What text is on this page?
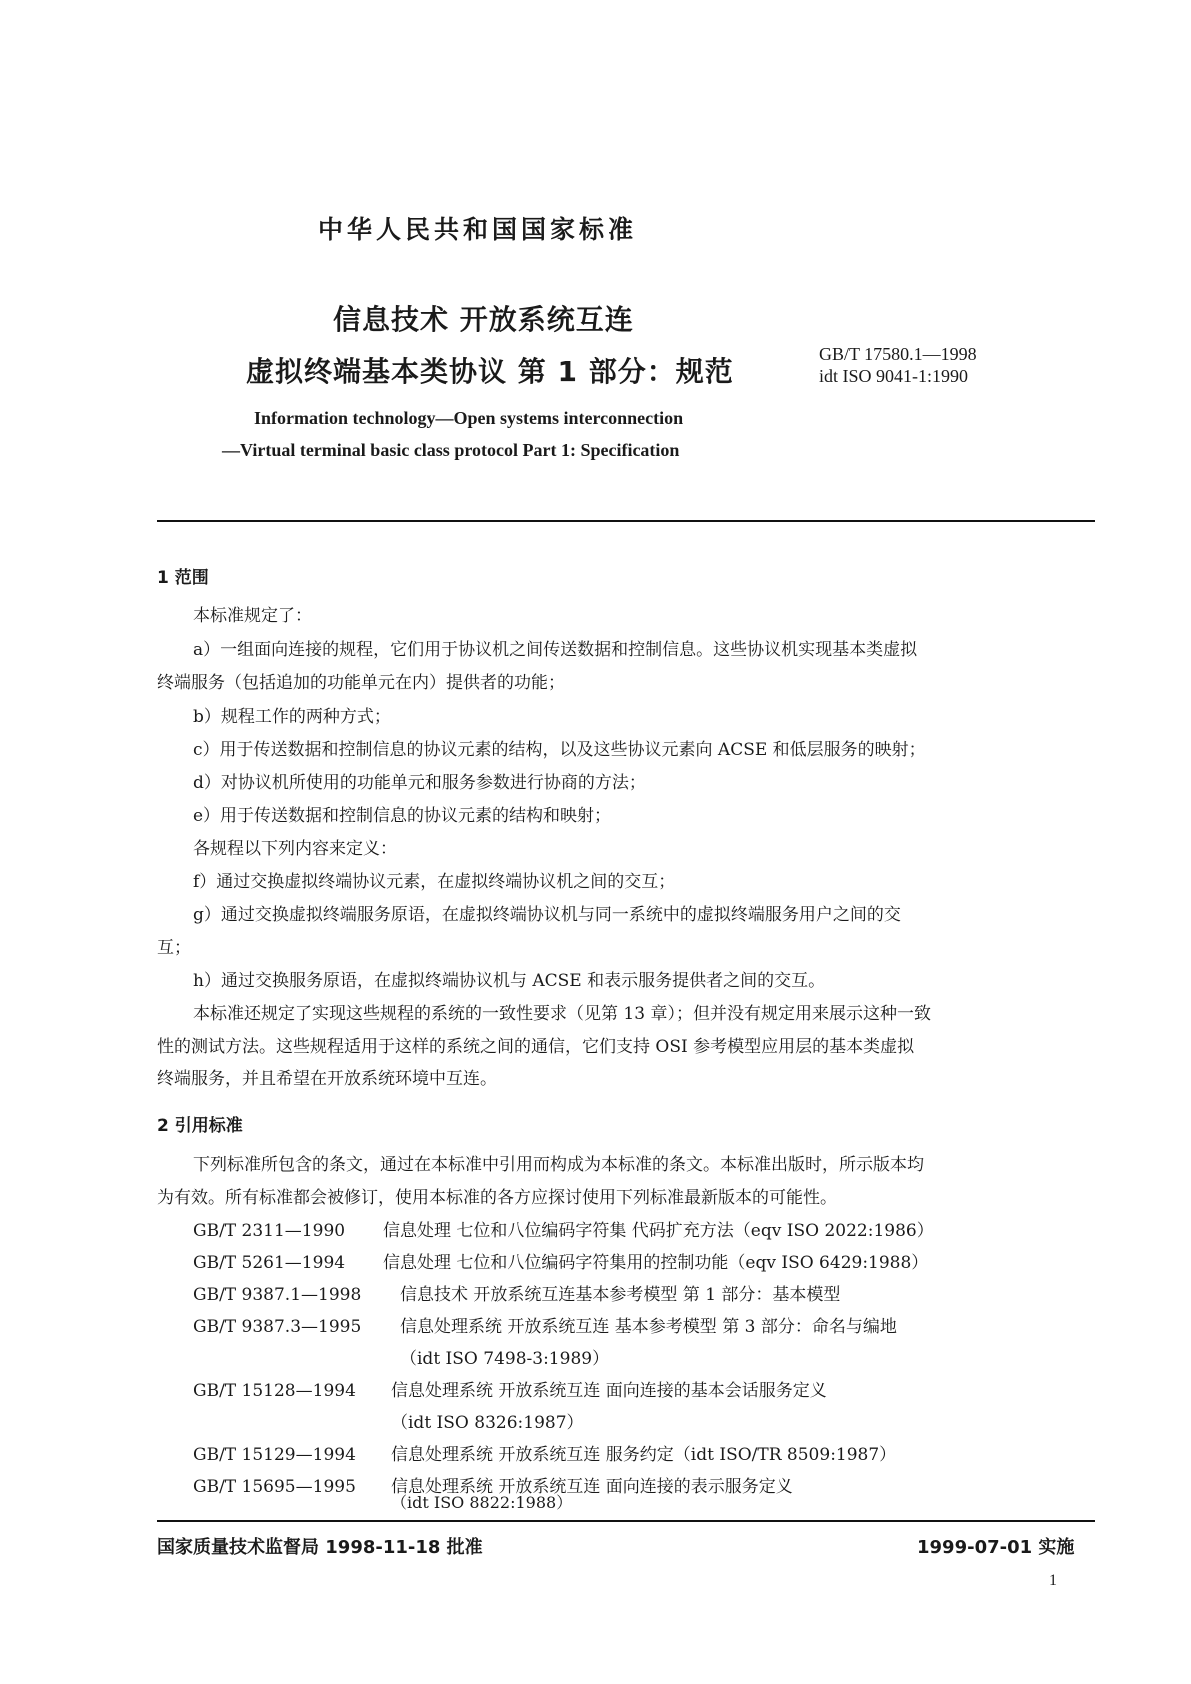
中华人民共和国国家标准
信息技术 开放系统互连
虚拟终端基本类协议 第 1 部分：规范
GB/T 17580.1—1998
idt ISO 9041-1:1990
Information technology—Open systems interconnection
—Virtual terminal basic class protocol Part 1: Specification
1 范围
本标准规定了：
a）一组面向连接的规程，它们用于协议机之间传送数据和控制信息。这些协议机实现基本类虚拟
终端服务（包括追加的功能单元在内）提供者的功能；
b）规程工作的两种方式；
c）用于传送数据和控制信息的协议元素的结构，以及这些协议元素向 ACSE 和低层服务的映射；
d）对协议机所使用的功能单元和服务参数进行协商的方法；
e）用于传送数据和控制信息的协议元素的结构和映射；
各规程以下列内容来定义：
f）通过交换虚拟终端协议元素，在虚拟终端协议机之间的交互；
g）通过交换虚拟终端服务原语，在虚拟终端协议机与同一系统中的虚拟终端服务用户之间的交
互；
h）通过交换服务原语，在虚拟终端协议机与 ACSE 和表示服务提供者之间的交互。
本标准还规定了实现这些规程的系统的一致性要求（见第 13 章）；但并没有规定用来展示这种一致
性的测试方法。这些规程适用于这样的系统之间的通信，它们支持 OSI 参考模型应用层的基本类虚拟
终端服务，并且希望在开放系统环境中互连。
2 引用标准
下列标准所包含的条文，通过在本标准中引用而构成为本标准的条文。本标准出版时，所示版本均
为有效。所有标准都会被修订，使用本标准的各方应探讨使用下列标准最新版本的可能性。
GB/T 2311—1990 信息处理 七位和八位编码字符集 代码扩充方法（eqv ISO 2022:1986）
GB/T 5261—1994 信息处理 七位和八位编码字符集用的控制功能（eqv ISO 6429:1988）
GB/T 9387.1—1998 信息技术 开放系统互连基本参考模型 第 1 部分：基本模型
GB/T 9387.3—1995 信息处理系统 开放系统互连 基本参考模型 第 3 部分：命名与编地
（idt ISO 7498-3:1989）
GB/T 15128—1994 信息处理系统 开放系统互连 面向连接的基本会话服务定义
（idt ISO 8326:1987）
GB/T 15129—1994 信息处理系统 开放系统互连 服务约定（idt ISO/TR 8509:1987）
GB/T 15695—1995 信息处理系统 开放系统互连 面向连接的表示服务定义
（idt ISO 8822:1988）
国家质量技术监督局 1998-11-18 批准	1999-07-01 实施
1
